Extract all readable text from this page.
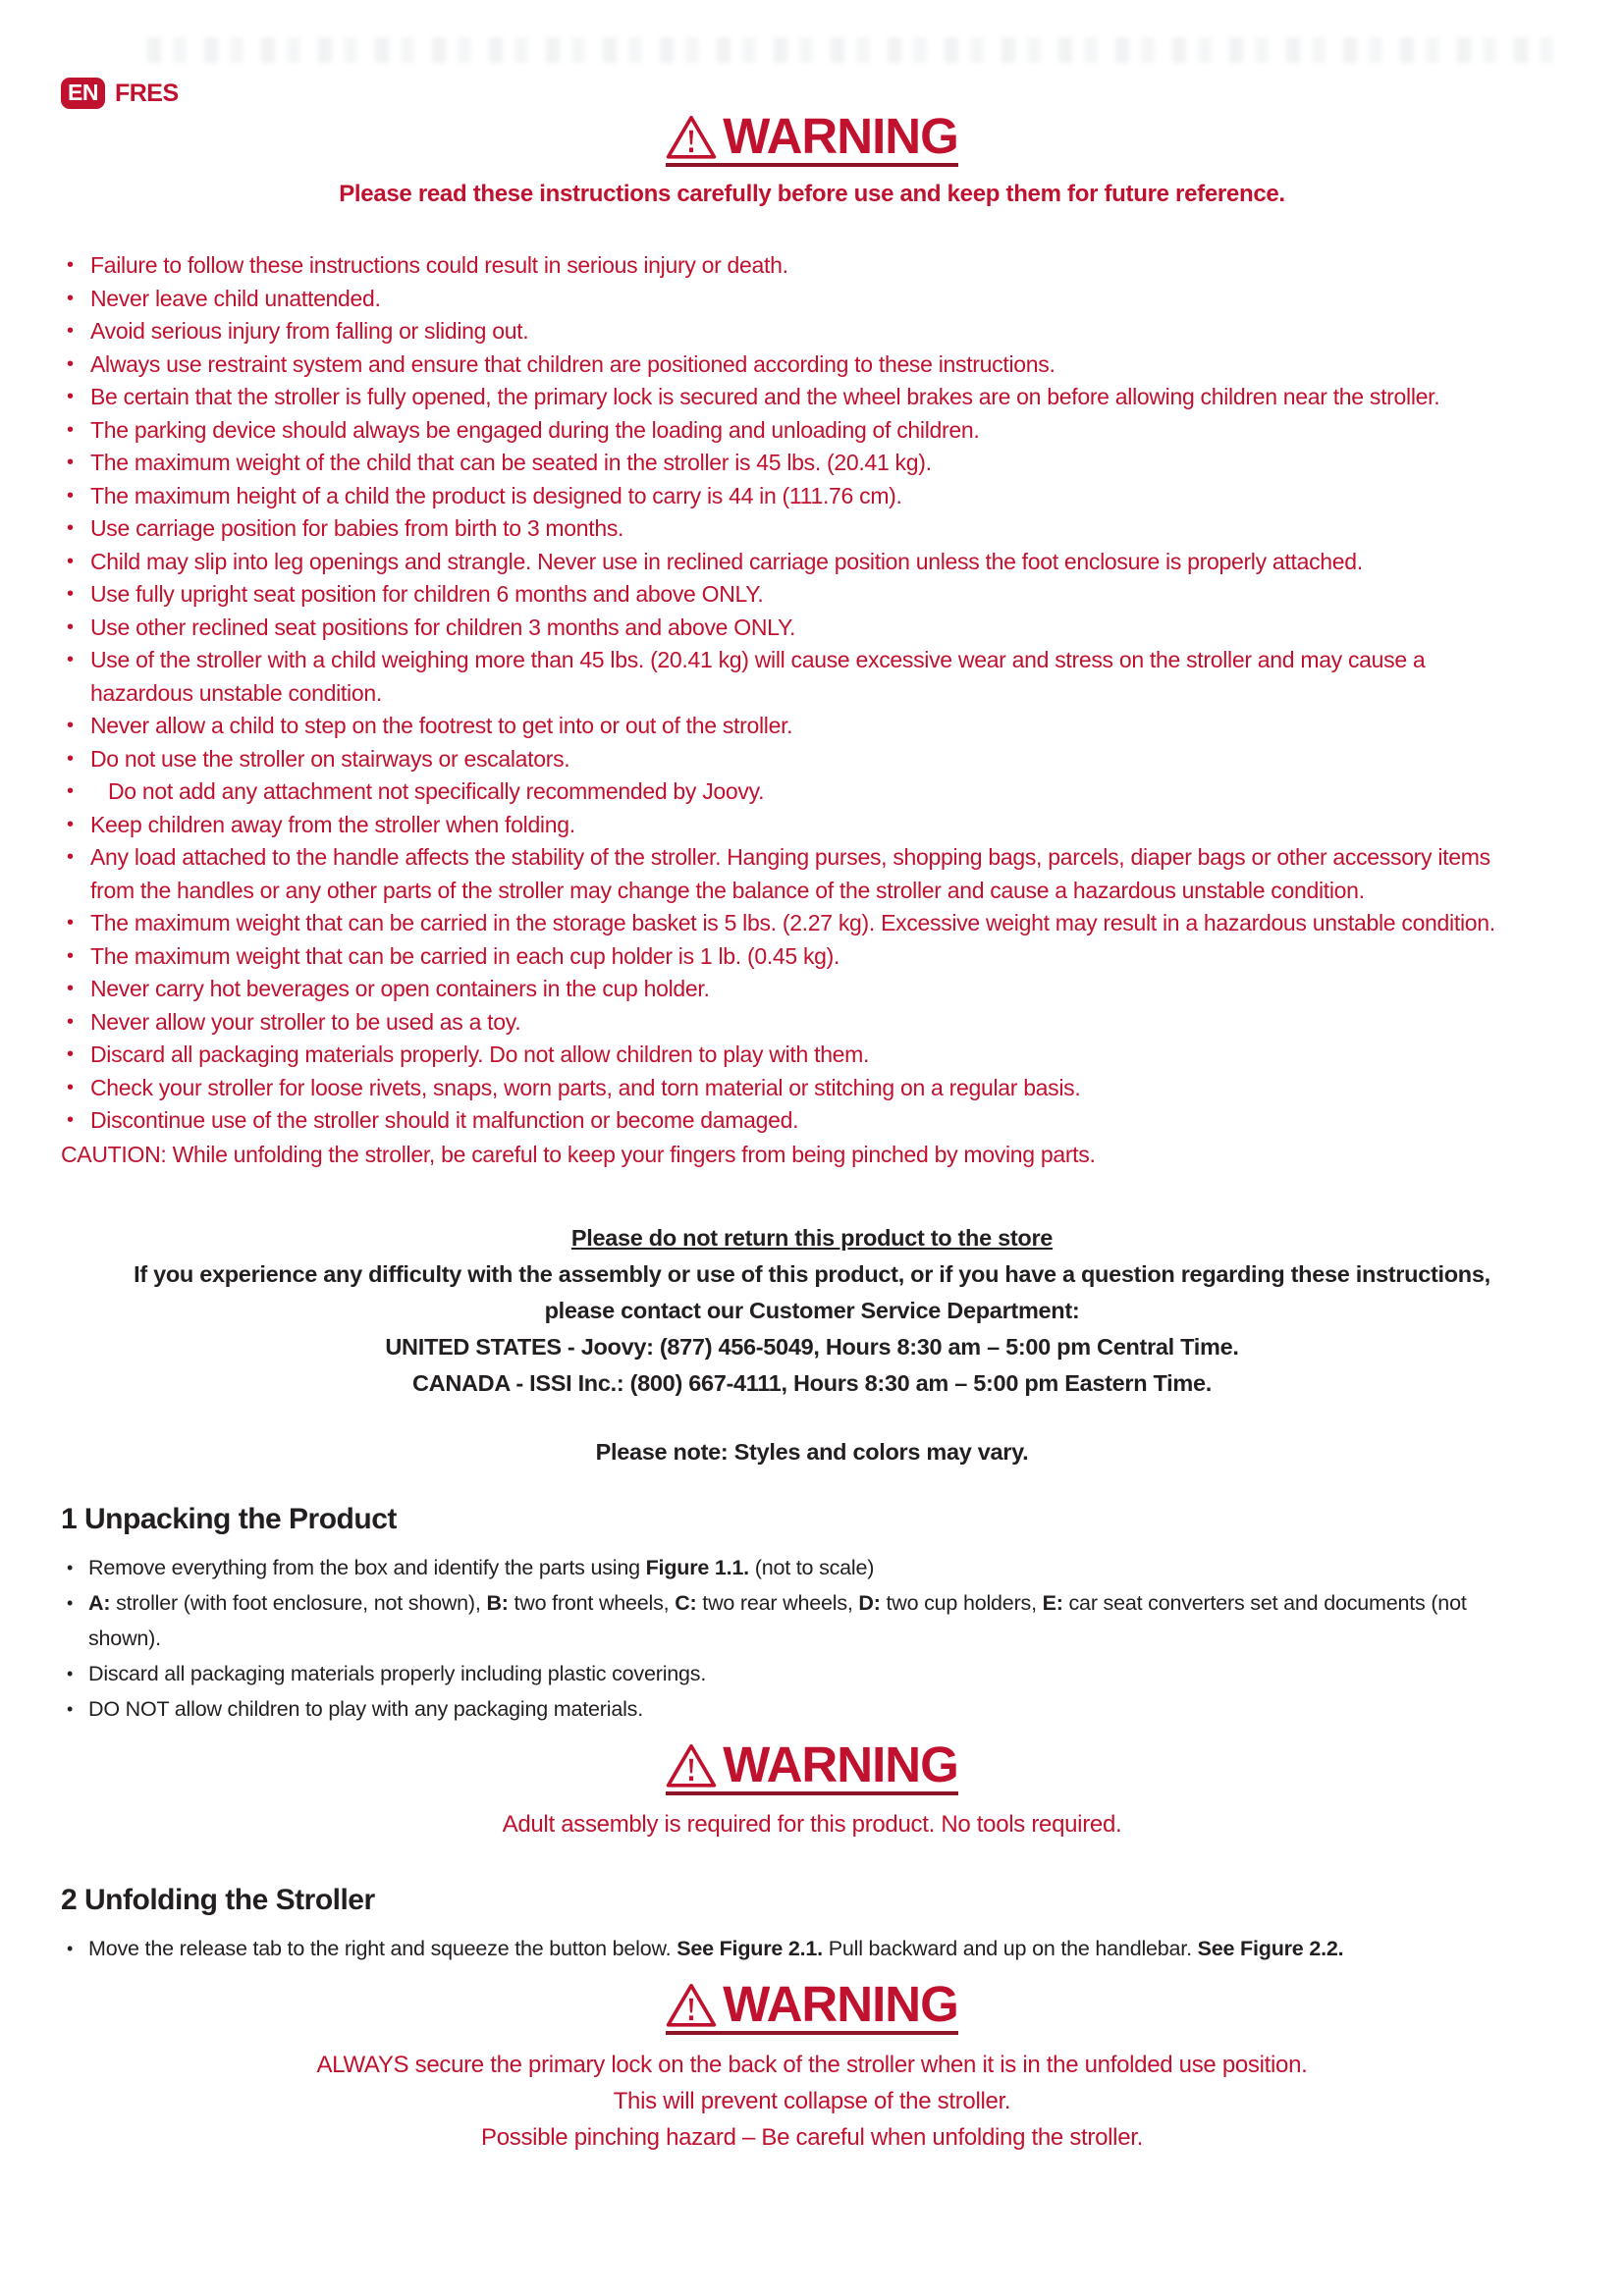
EN FRES
WARNING
Please read these instructions carefully before use and keep them for future reference.
• Failure to follow these instructions could result in serious injury or death.
• Never leave child unattended.
• Avoid serious injury from falling or sliding out.
• Always use restraint system and ensure that children are positioned according to these instructions.
• Be certain that the stroller is fully opened, the primary lock is secured and the wheel brakes are on before allowing children near the stroller.
• The parking device should always be engaged during the loading and unloading of children.
• The maximum weight of the child that can be seated in the stroller is 45 lbs. (20.41 kg).
• The maximum height of a child the product is designed to carry is 44 in (111.76 cm).
• Use carriage position for babies from birth to 3 months.
• Child may slip into leg openings and strangle. Never use in reclined carriage position unless the foot enclosure is properly attached.
• Use fully upright seat position for children 6 months and above ONLY.
• Use other reclined seat positions for children 3 months and above ONLY.
• Use of the stroller with a child weighing more than 45 lbs. (20.41 kg) will cause excessive wear and stress on the stroller and may cause a hazardous unstable condition.
• Never allow a child to step on the footrest to get into or out of the stroller.
• Do not use the stroller on stairways or escalators.
• Do not add any attachment not specifically recommended by Joovy.
• Keep children away from the stroller when folding.
• Any load attached to the handle affects the stability of the stroller. Hanging purses, shopping bags, parcels, diaper bags or other accessory items from the handles or any other parts of the stroller may change the balance of the stroller and cause a hazardous unstable condition.
• The maximum weight that can be carried in the storage basket is 5 lbs. (2.27 kg). Excessive weight may result in a hazardous unstable condition.
• The maximum weight that can be carried in each cup holder is 1 lb. (0.45 kg).
• Never carry hot beverages or open containers in the cup holder.
• Never allow your stroller to be used as a toy.
• Discard all packaging materials properly. Do not allow children to play with them.
• Check your stroller for loose rivets, snaps, worn parts, and torn material or stitching on a regular basis.
• Discontinue use of the stroller should it malfunction or become damaged.
CAUTION: While unfolding the stroller, be careful to keep your fingers from being pinched by moving parts.
Please do not return this product to the store
If you experience any difficulty with the assembly or use of this product, or if you have a question regarding these instructions, please contact our Customer Service Department:
UNITED STATES - Joovy: (877) 456-5049, Hours 8:30 am – 5:00 pm Central Time.
CANADA - ISSI Inc.: (800) 667-4111, Hours 8:30 am – 5:00 pm Eastern Time.
Please note: Styles and colors may vary.
1 Unpacking the Product
• Remove everything from the box and identify the parts using Figure 1.1. (not to scale)
• A: stroller (with foot enclosure, not shown), B: two front wheels, C: two rear wheels, D: two cup holders, E: car seat converters set and documents (not shown).
• Discard all packaging materials properly including plastic coverings.
• DO NOT allow children to play with any packaging materials.
WARNING
Adult assembly is required for this product. No tools required.
2 Unfolding the Stroller
• Move the release tab to the right and squeeze the button below. See Figure 2.1. Pull backward and up on the handlebar. See Figure 2.2.
WARNING
ALWAYS secure the primary lock on the back of the stroller when it is in the unfolded use position.
This will prevent collapse of the stroller.
Possible pinching hazard – Be careful when unfolding the stroller.
